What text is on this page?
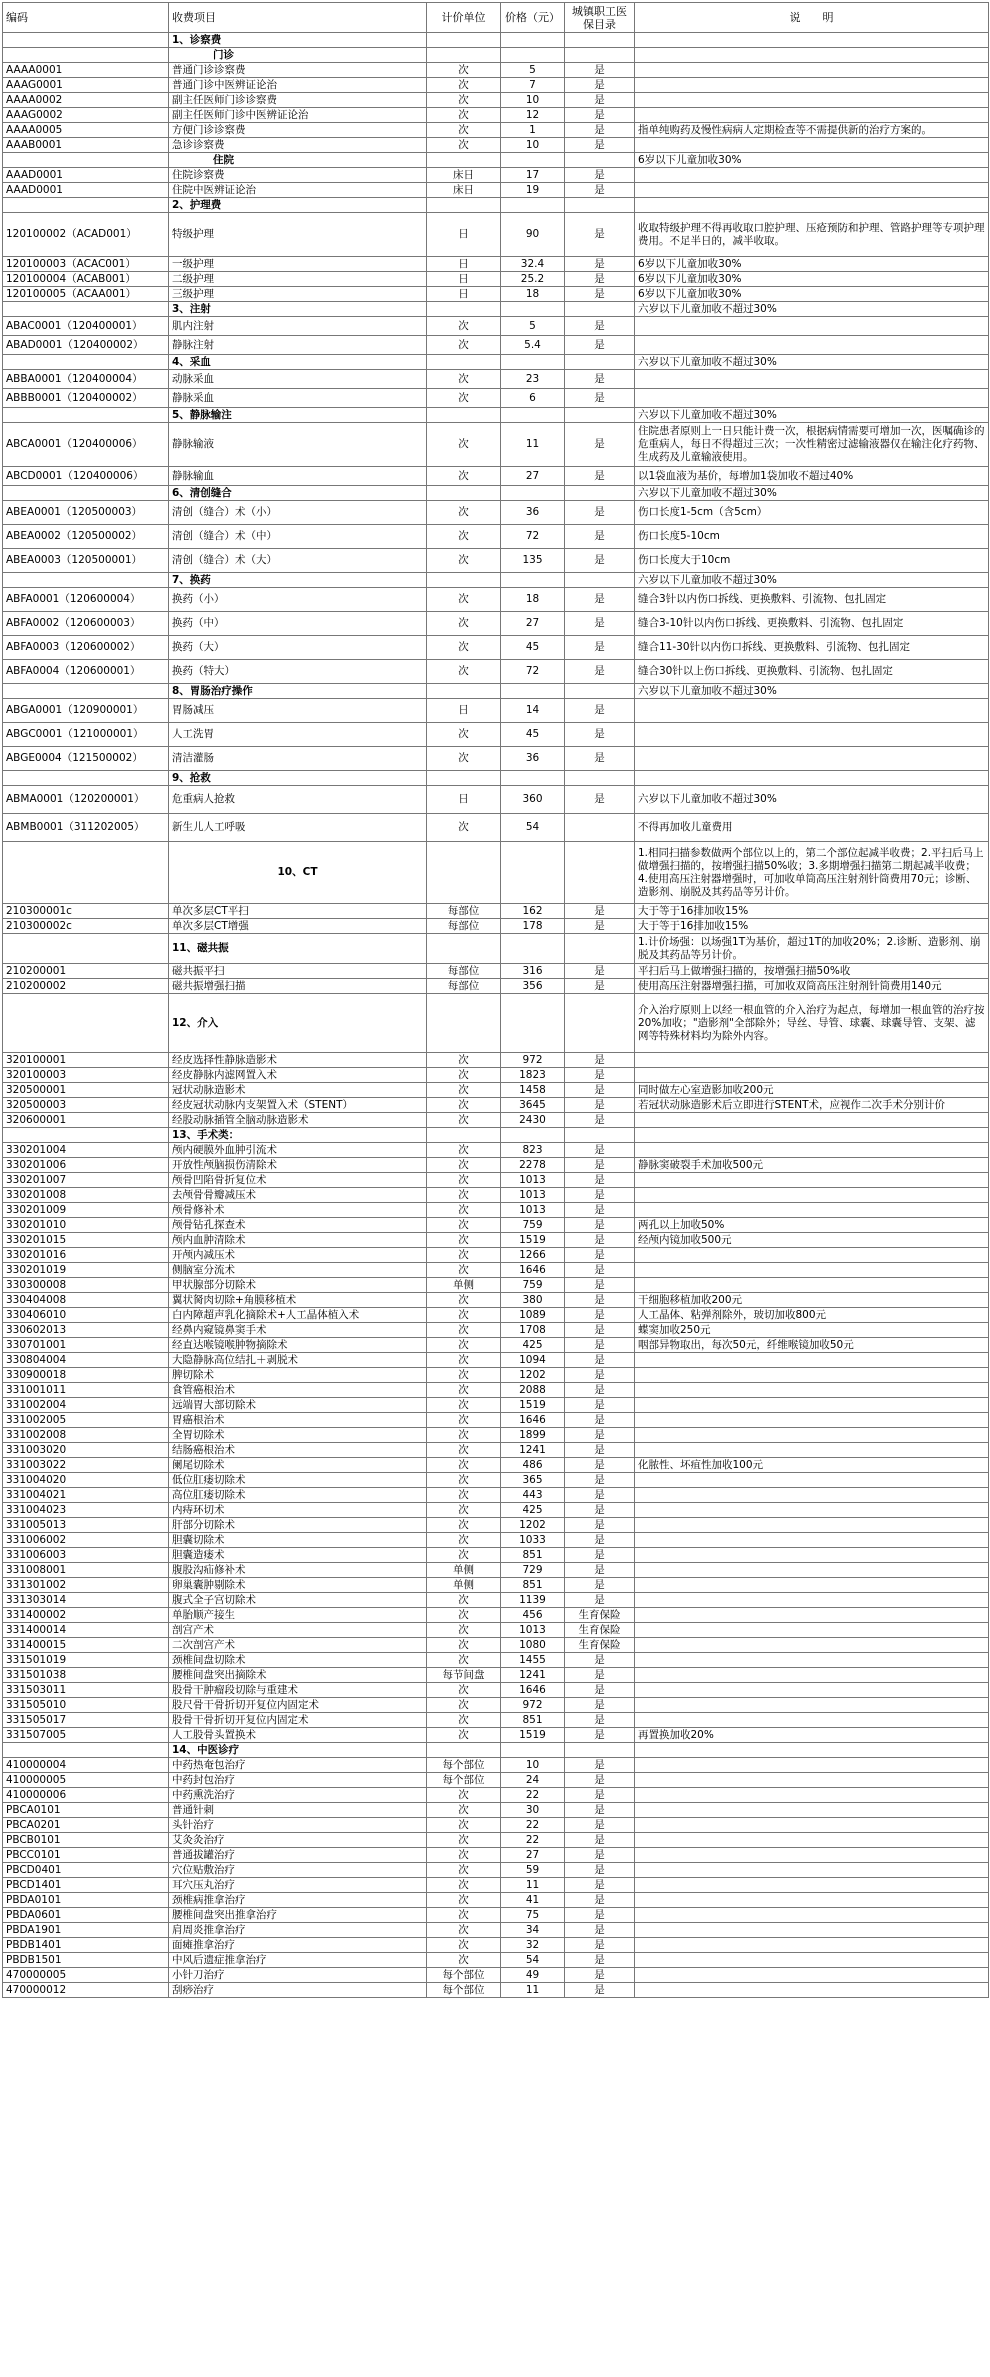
编码	收费项目	计价单位	价格（元）	城镇职工医保目录	说　　明
	1、诊察费				
	门诊				
AAAA0001	普通门诊诊察费	次	5	是	
AAAG0001	普通门诊中医辨证论治	次	7	是	
AAAA0002	副主任医师门诊诊察费	次	10	是	
AAAG0002	副主任医师门诊中医辨证论治	次	12	是	
AAAA0005	方便门诊诊察费	次	1	是	指单纯购药及慢性病病人定期检查等不需提供新的治疗方案的。
AAAB0001	急诊诊察费	次	10	是	
	住院				6岁以下儿童加收30%
AAAD0001	住院诊察费	床日	17	是	
AAAD0001	住院中医辨证论治	床日	19	是	
	2、护理费				
120100002（ACAD001）	特级护理	日	90	是	收取特级护理不得再收取口腔护理、压疮预防和护理、管路护理等专项护理费用。不足半日的，减半收取。
120100003（ACAC001）	一级护理	日	32.4	是	6岁以下儿童加收30%
120100004（ACAB001）	二级护理	日	25.2	是	6岁以下儿童加收30%
120100005（ACAA001）	三级护理	日	18	是	6岁以下儿童加收30%
	3、注射				六岁以下儿童加收不超过30%
ABAC0001（120400001）	肌内注射	次	5	是	
ABAD0001（120400002）	静脉注射	次	5.4	是	
	4、采血				六岁以下儿童加收不超过30%
ABBA0001（120400004）	动脉采血	次	23	是	
ABBB0001（120400002）	静脉采血	次	6	是	
	5、静脉输注				六岁以下儿童加收不超过30%
ABCA0001（120400006）	静脉输液	次	11	是	住院患者原则上一日只能计费一次，根据病情需要可增加一次，医嘱确诊的危重病人，每日不得超过三次；一次性精密过滤输液器仅在输注化疗药物、生成药及儿童输液使用。
ABCD0001（120400006）	静脉输血	次	27	是	以1袋血液为基价，每增加1袋加收不超过40%
	6、清创缝合				六岁以下儿童加收不超过30%
ABEA0001（120500003）	清创（缝合）术（小）	次	36	是	伤口长度1-5cm（含5cm）
ABEA0002（120500002）	清创（缝合）术（中）	次	72	是	伤口长度5-10cm
ABEA0003（120500001）	清创（缝合）术（大）	次	135	是	伤口长度大于10cm
	7、换药				六岁以下儿童加收不超过30%
ABFA0001（120600004）	换药（小）	次	18	是	缝合3针以内伤口拆线、更换敷料、引流物、包扎固定
ABFA0002（120600003）	换药（中）	次	27	是	缝合3-10针以内伤口拆线、更换敷料、引流物、包扎固定
ABFA0003（120600002）	换药（大）	次	45	是	缝合11-30针以内伤口拆线、更换敷料、引流物、包扎固定
ABFA0004（120600001）	换药（特大）	次	72	是	缝合30针以上伤口拆线、更换敷料、引流物、包扎固定
	8、胃肠治疗操作				六岁以下儿童加收不超过30%
ABGA0001（120900001）	胃肠减压	日	14	是	
ABGC0001（121000001）	人工洗胃	次	45	是	
ABGE0004（121500002）	清洁灌肠	次	36	是	
	9、抢救				
ABMA0001（120200001）	危重病人抢救	日	360	是	六岁以下儿童加收不超过30%
ABMB0001（311202005）	新生儿人工呼吸	次	54		不得再加收儿童费用
	10、CT				1.相同扫描参数做两个部位以上的，第二个部位起减半收费；2.平扫后马上做增强扫描的，按增强扫描50%收；3.多期增强扫描第二期起减半收费；4.使用高压注射器增强时，可加收单筒高压注射剂针筒费用70元；诊断、造影剂、崩脱及其药品等另计价。
210300001c	单次多层CT平扫	每部位	162	是	大于等于16排加收15%
210300002c	单次多层CT增强	每部位	178	是	大于等于16排加收15%
	11、磁共振				1.计价场强：以场强1T为基价，超过1T的加收20%；2.诊断、造影剂、崩脱及其药品等另计价。
210200001	磁共振平扫	每部位	316	是	平扫后马上做增强扫描的，按增强扫描50%收
210200002	磁共振增强扫描	每部位	356	是	使用高压注射器增强扫描，可加收双筒高压注射剂针筒费用140元
	12、介入				介入治疗原则上以经一根血管的介入治疗为起点，每增加一根血管的治疗按20%加收；"造影剂"全部除外；导丝、导管、球囊、球囊导管、支架、滤网等特殊材料均为除外内容。
320100001	经皮选择性静脉造影术	次	972	是	
320100003	经皮静脉内滤网置入术	次	1823	是	
320500001	冠状动脉造影术	次	1458	是	同时做左心室造影加收200元
320500003	经皮冠状动脉内支架置入术（STENT）	次	3645	是	若冠状动脉造影术后立即进行STENT术，应视作二次手术分别计价
320600001	经股动脉插管全脑动脉造影术	次	2430	是	
	13、手术类：				
330201004	颅内硬膜外血肿引流术	次	823	是	
330201006	开放性颅脑损伤清除术	次	2278	是	静脉窦破裂手术加收500元
330201007	颅骨凹陷骨折复位术	次	1013	是	
330201008	去颅骨骨瓣减压术	次	1013	是	
330201009	颅骨修补术	次	1013	是	
330201010	颅骨钻孔探查术	次	759	是	两孔以上加收50%
330201015	颅内血肿清除术	次	1519	是	经颅内镜加收500元
330201016	开颅内减压术	次	1266	是	
330201019	侧脑室分流术	次	1646	是	
330300008	甲状腺部分切除术	单侧	759	是	
330404008	翼状胬肉切除+角膜移植术	次	380	是	干细胞移植加收200元
330406010	白内障超声乳化摘除术+人工晶体植入术	次	1089	是	人工晶体、粘弹剂除外，玻切加收800元
330602013	经鼻内窥镜鼻窦手术	次	1708	是	蝶窦加收250元
330701001	经直达喉镜喉肿物摘除术	次	425	是	咽部异物取出，每次50元，纤维喉镜加收50元
330804004	大隐静脉高位结扎＋剥脱术	次	1094	是	
330900018	脾切除术	次	1202	是	
331001011	食管癌根治术	次	2088	是	
331002004	远端胃大部切除术	次	1519	是	
331002005	胃癌根治术	次	1646	是	
331002008	全胃切除术	次	1899	是	
331003020	结肠癌根治术	次	1241	是	
331003022	阑尾切除术	次	486	是	化脓性、坏疽性加收100元
331004020	低位肛瘘切除术	次	365	是	
331004021	高位肛瘘切除术	次	443	是	
331004023	内痔环切术	次	425	是	
331005013	肝部分切除术	次	1202	是	
331006002	胆囊切除术	次	1033	是	
331006003	胆囊造瘘术	次	851	是	
331008001	腹股沟疝修补术	单侧	729	是	
331301002	卵巢囊肿剔除术	单侧	851	是	
331303014	腹式全子宫切除术	次	1139	是	
331400002	单胎顺产接生	次	456	生育保险	
331400014	剖宫产术	次	1013	生育保险	
331400015	二次剖宫产术	次	1080	生育保险	
331501019	颈椎间盘切除术	次	1455	是	
331501038	腰椎间盘突出摘除术	每节间盘	1241	是	
331503011	股骨干肿瘤段切除与重建术	次	1646	是	
331505010	股尺骨干骨折切开复位内固定术	次	972	是	
331505017	股骨干骨折切开复位内固定术	次	851	是	
331507005	人工股骨头置换术	次	1519	是	再置换加收20%
	14、中医诊疗				
410000004	中药热奄包治疗	每个部位	10	是	
410000005	中药封包治疗	每个部位	24	是	
410000006	中药熏洗治疗	次	22	是	
PBCA0101	普通针刺	次	30	是	
PBCA0201	头针治疗	次	22	是	
PBCB0101	艾灸灸治疗	次	22	是	
PBCC0101	普通拔罐治疗	次	27	是	
PBCD0401	穴位贴敷治疗	次	59	是	
PBCD1401	耳穴压丸治疗	次	11	是	
PBDA0101	颈椎病推拿治疗	次	41	是	
PBDA0601	腰椎间盘突出推拿治疗	次	75	是	
PBDA1901	肩周炎推拿治疗	次	34	是	
PBDB1401	面瘫推拿治疗	次	32	是	
PBDB1501	中风后遗症推拿治疗	次	54	是	
470000005	小针刀治疗	每个部位	49	是	
470000012	刮痧治疗	每个部位	11	是	
